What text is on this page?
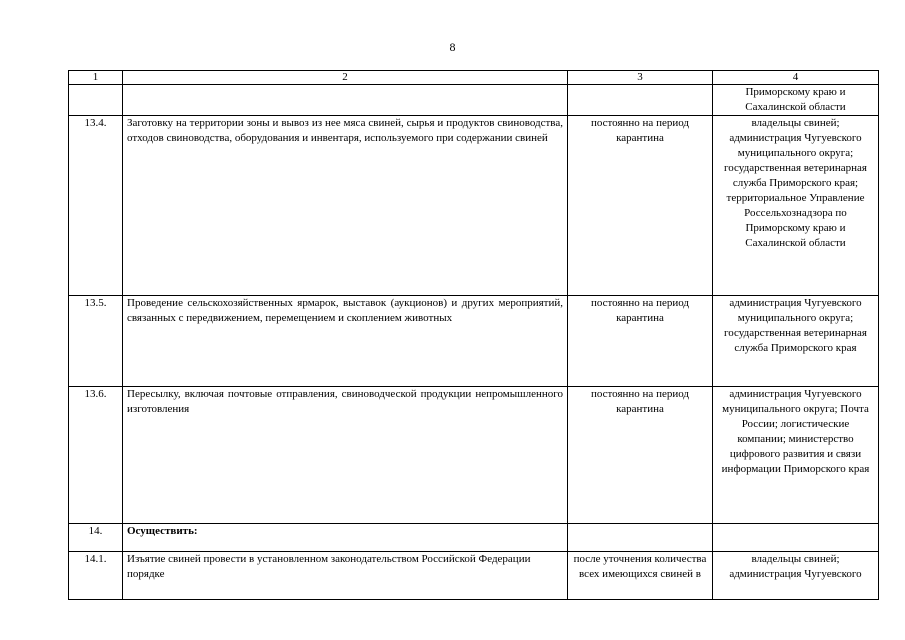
8
1	2	3	4
			Приморскому краю и Сахалинской области
13.4.	Заготовку на территории зоны и вывоз из нее мяса свиней, сырья и продуктов свиноводства, отходов свиноводства, оборудования и инвентаря, используемого при содержании свиней	постоянно на период карантина	владельцы свиней; администрация Чугуевского муниципального округа; государственная ветеринарная служба Приморского края; территориальное Управление Россельхознадзора по Приморскому краю и Сахалинской области
13.5.	Проведение сельскохозяйственных ярмарок, выставок (аукционов) и других мероприятий, связанных с передвижением, перемещением и скоплением животных	постоянно на период карантина	администрация Чугуевского муниципального округа; государственная ветеринарная служба Приморского края
13.6.	Пересылку, включая почтовые отправления, свиноводческой продукции непромышленного изготовления	постоянно на период карантина	администрация Чугуевского муниципального округа; Почта России; логистические компании; министерство цифрового развития и связи информации Приморского края
14.	Осуществить:		
14.1.	Изъятие свиней провести в установленном законодательством Российской Федерации порядке	после уточнения количества всех имеющихся свиней в	владельцы свиней; администрация Чугуевского
